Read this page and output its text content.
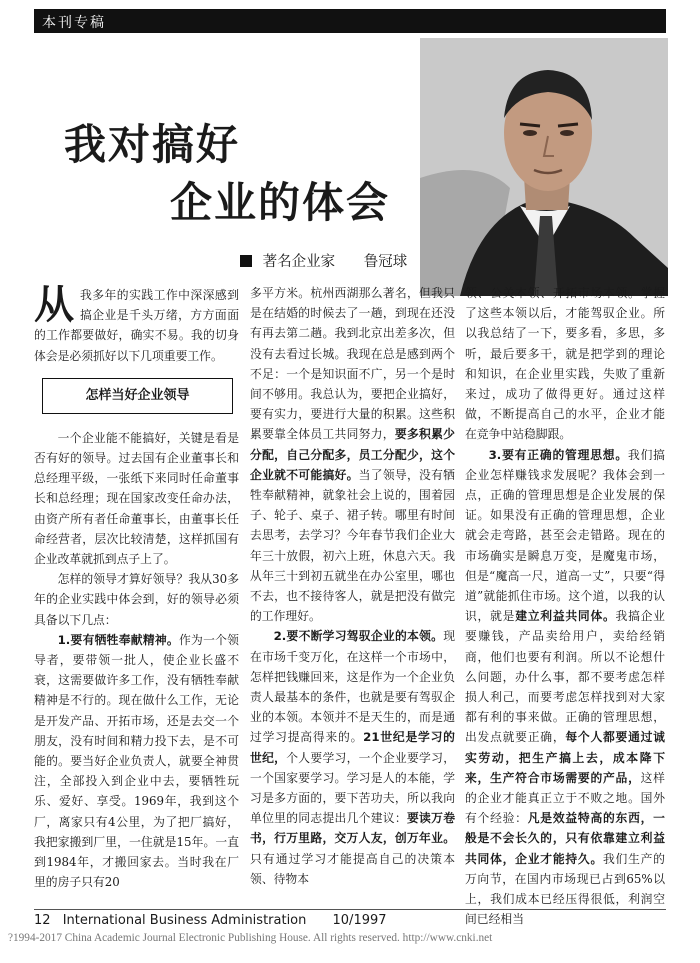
本刊专稿
我对搞好
企业的体会
著名企业家 鲁冠球

从我多年的实践工作中深深感到搞企业是千头万绪，方方面面的工作都要做好，确实不易。我的切身体会是必须抓好以下几项重要工作。

怎样当好企业领导

一个企业能不能搞好，关键是看是否有好的领导。过去国有企业董事长和总经理平级，一张纸下来同时任命董事长和总经理；现在国家改变任命办法，由资产所有者任命董事长，由董事长任命经营者，层次比较清楚，这样抓国有企业改革就抓到点子上了。

怎样的领导才算好领导？我从30多年的企业实践中体会到，好的领导必须具备以下几点：

1.要有牺牲奉献精神。作为一个领导者，要带领一批人，使企业长盛不衰，这需要做许多工作，没有牺牲奉献精神是不行的。现在做什么工作，无论是开发产品、开拓市场，还是去交一个朋友，没有时间和精力投下去，是不可能的。要当好企业负责人，就要全神贯注，全部投入到企业中去，要牺牲玩乐、爱好、享受。1969年，我到这个厂，离家只有4公里，为了把厂搞好，我把家搬到厂里，一住就是15年。一直到1984年，才搬回家去。当时我在厂里的房子只有20

多平方米。杭州西湖那么著名，但我只是在结婚的时候去了一趟，到现在还没有再去第二趟。我到北京出差多次，但没有去看过长城。我现在总是感到两个不足：一个是知识面不广，另一个是时间不够用。我总认为，要把企业搞好，要有实力，要进行大量的积累。这些积累要靠全体员工共同努力，要多积累少分配，自己分配多，员工分配少，这个企业就不可能搞好。当了领导，没有牺牲奉献精神，就象社会上说的，围着园子、轮子、桌子、裙子转。哪里有时间去思考，去学习？今年春节我们企业大年三十放假，初六上班，休息六天。我从年三十到初五就坐在办公室里，哪也不去，也不接待客人，就是把没有做完的工作理好。

2.要不断学习驾驭企业的本领。现在市场千变万化，在这样一个市场中，怎样把钱赚回来，这是作为一个企业负责人最基本的条件，也就是要有驾驭企业的本领。本领并不是天生的，而是通过学习提高得来的。21世纪是学习的世纪，个人要学习，一个企业要学习，一个国家要学习。学习是人的本能，学习是多方面的，要下苦功夫，所以我向单位里的同志提出几个建议：要读万卷书，行万里路，交万人友，创万年业。只有通过学习才能提高自己的决策本领、待物本

领、公关本领、开拓市场本领。掌握了这些本领以后，才能驾驭企业。所以我总结了一下，要多看，多思，多听，最后要多干，就是把学到的理论和知识，在企业里实践，失败了重新来过，成功了做得更好。通过这样做，不断提高自己的水平，企业才能在竞争中站稳脚跟。

3.要有正确的管理思想。我们搞企业怎样赚钱求发展呢？我体会到一点，正确的管理思想是企业发展的保证。如果没有正确的管理思想，企业就会走弯路，甚至会走错路。现在的市场确实是瞬息万变，是魔鬼市场，但是“魔高一尺，道高一丈”，只要“得道”就能抓住市场。这个道，以我的认识，就是建立利益共同体。我搞企业要赚钱，产品卖给用户，卖给经销商，他们也要有利润。所以不论想什么问题，办什么事，都不要考虑怎样损人利己，而要考虑怎样找到对大家都有利的事来做。正确的管理思想，出发点就要正确，每个人都要通过诚实劳动，把生产搞上去，成本降下来，生产符合市场需要的产品，这样的企业才能真正立于不败之地。国外有个经验：凡是效益特高的东西，一般是不会长久的，只有依靠建立利益共同体，企业才能持久。我们生产的万向节，在国内市场现已占到65%以上，我们成本已经压得很低，利润空间已经相当

12 International Business Administration 10/1997
?1994-2017 China Academic Journal Electronic Publishing House. All rights reserved. http://www.cnki.net
